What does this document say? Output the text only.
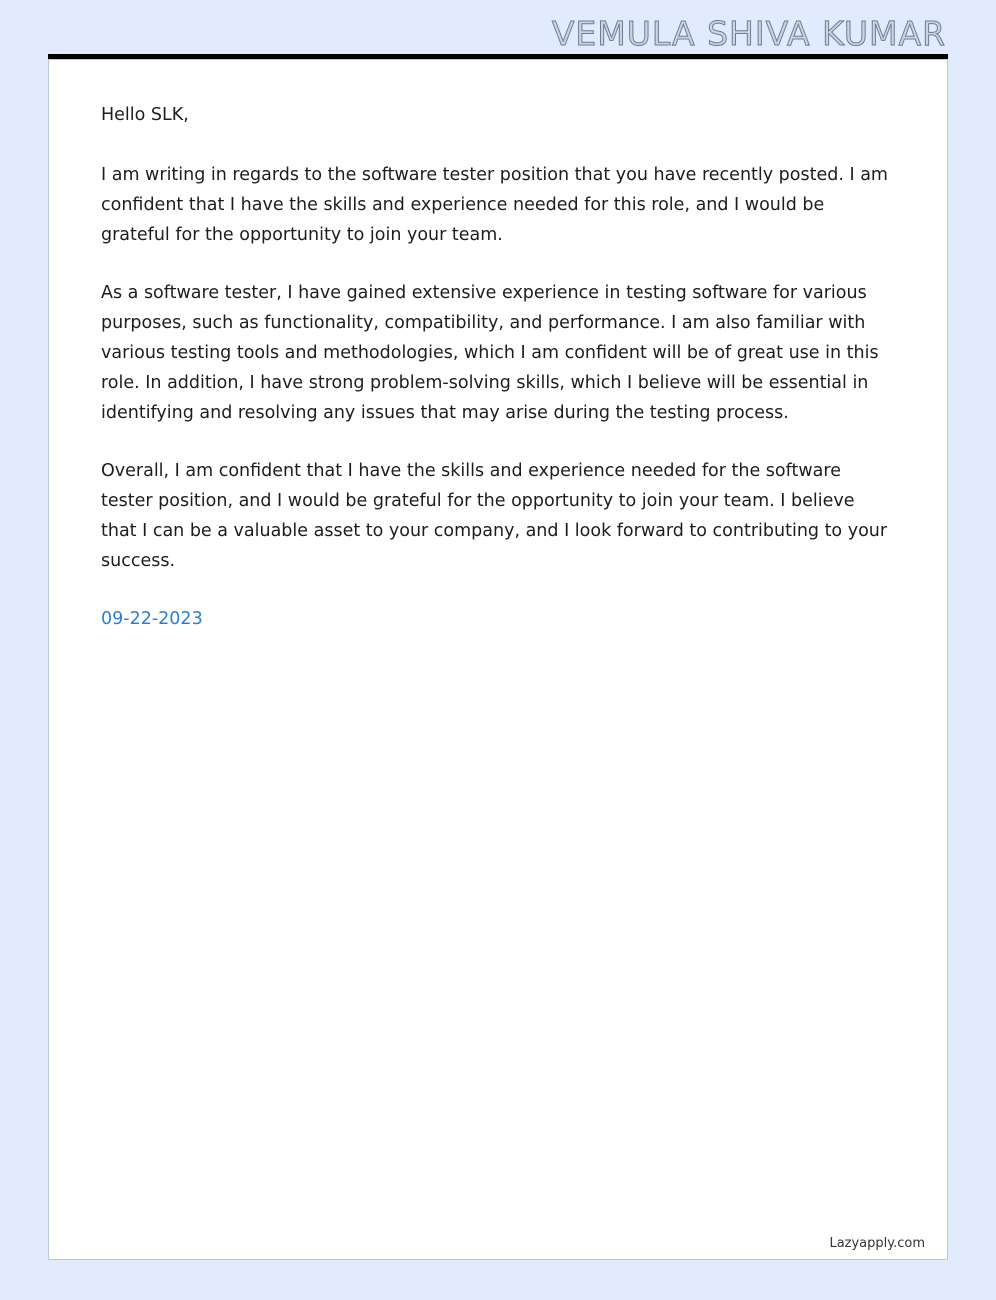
VEMULA SHIVA KUMAR

Hello SLK,

I am writing in regards to the software tester position that you have recently posted. I am confident that I have the skills and experience needed for this role, and I would be grateful for the opportunity to join your team.

As a software tester, I have gained extensive experience in testing software for various purposes, such as functionality, compatibility, and performance. I am also familiar with various testing tools and methodologies, which I am confident will be of great use in this role. In addition, I have strong problem-solving skills, which I believe will be essential in identifying and resolving any issues that may arise during the testing process.

Overall, I am confident that I have the skills and experience needed for the software tester position, and I would be grateful for the opportunity to join your team. I believe that I can be a valuable asset to your company, and I look forward to contributing to your success.

09-22-2023

Lazyapply.com
